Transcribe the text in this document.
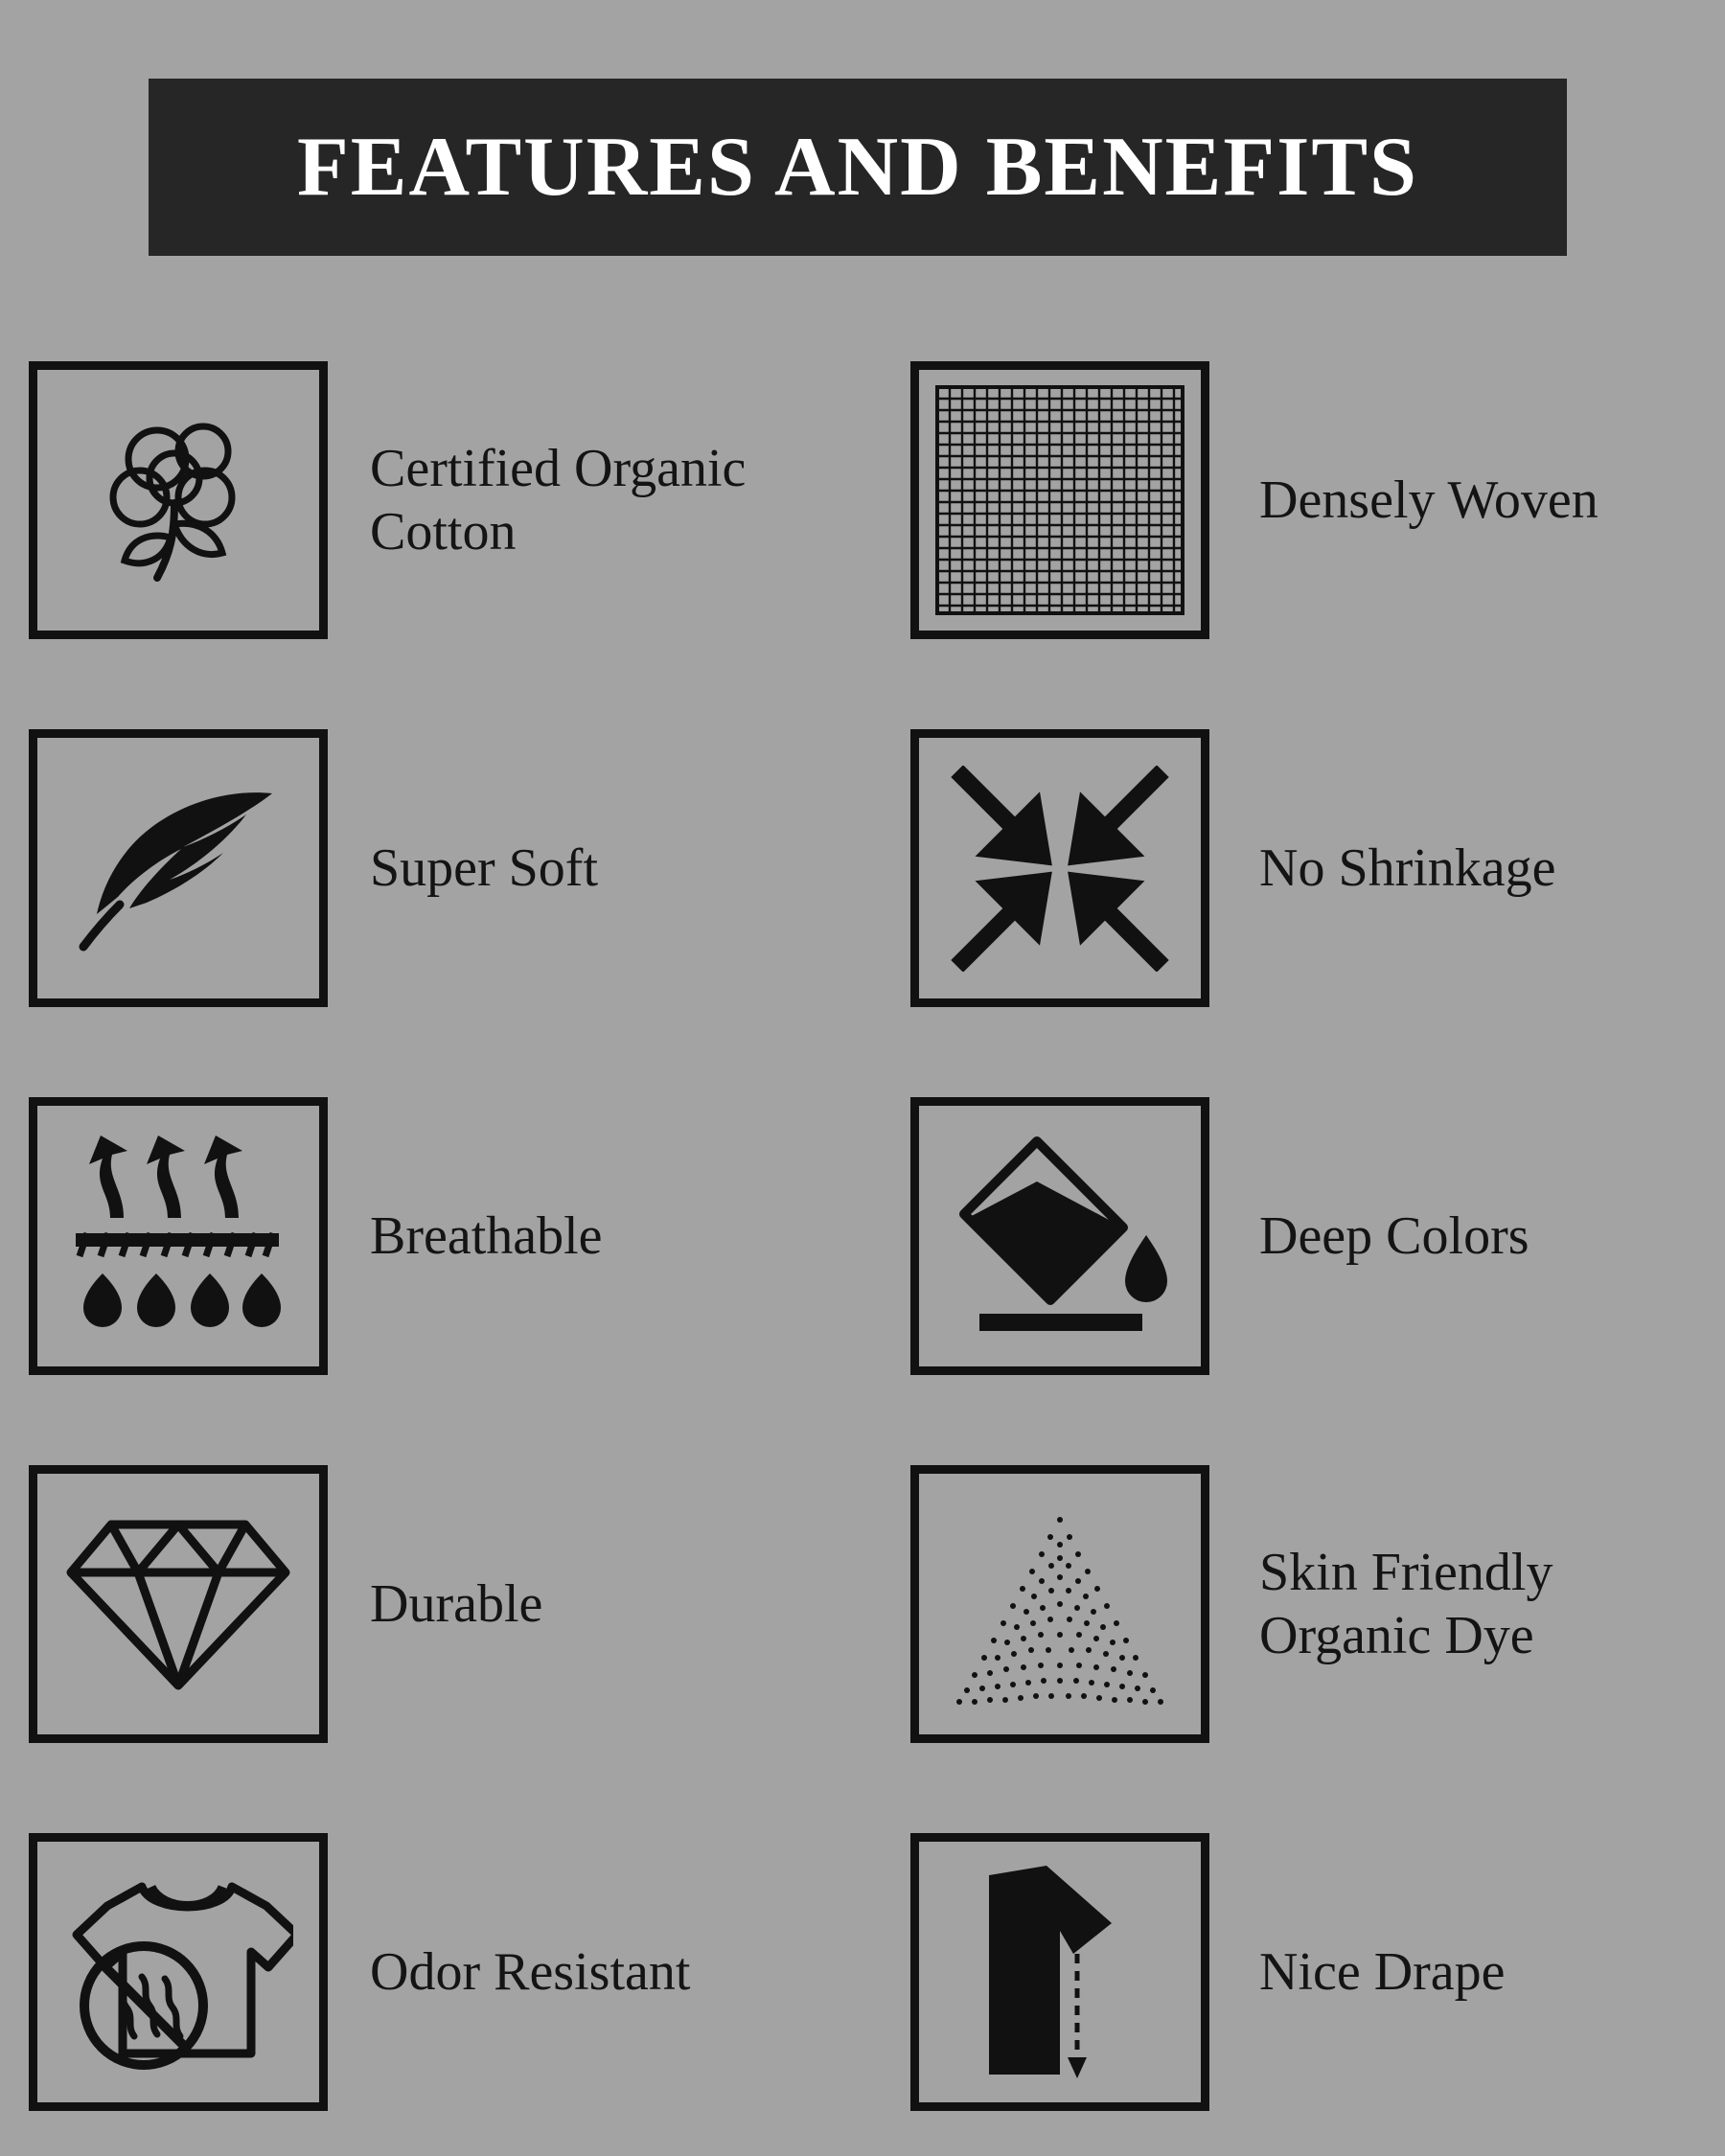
FEATURES AND BENEFITS
Certified Organic Cotton
Super Soft
Breathable
Durable
Odor Resistant
Densely Woven
No Shrinkage
Deep Colors
Skin Friendly Organic Dye
Nice Drape
